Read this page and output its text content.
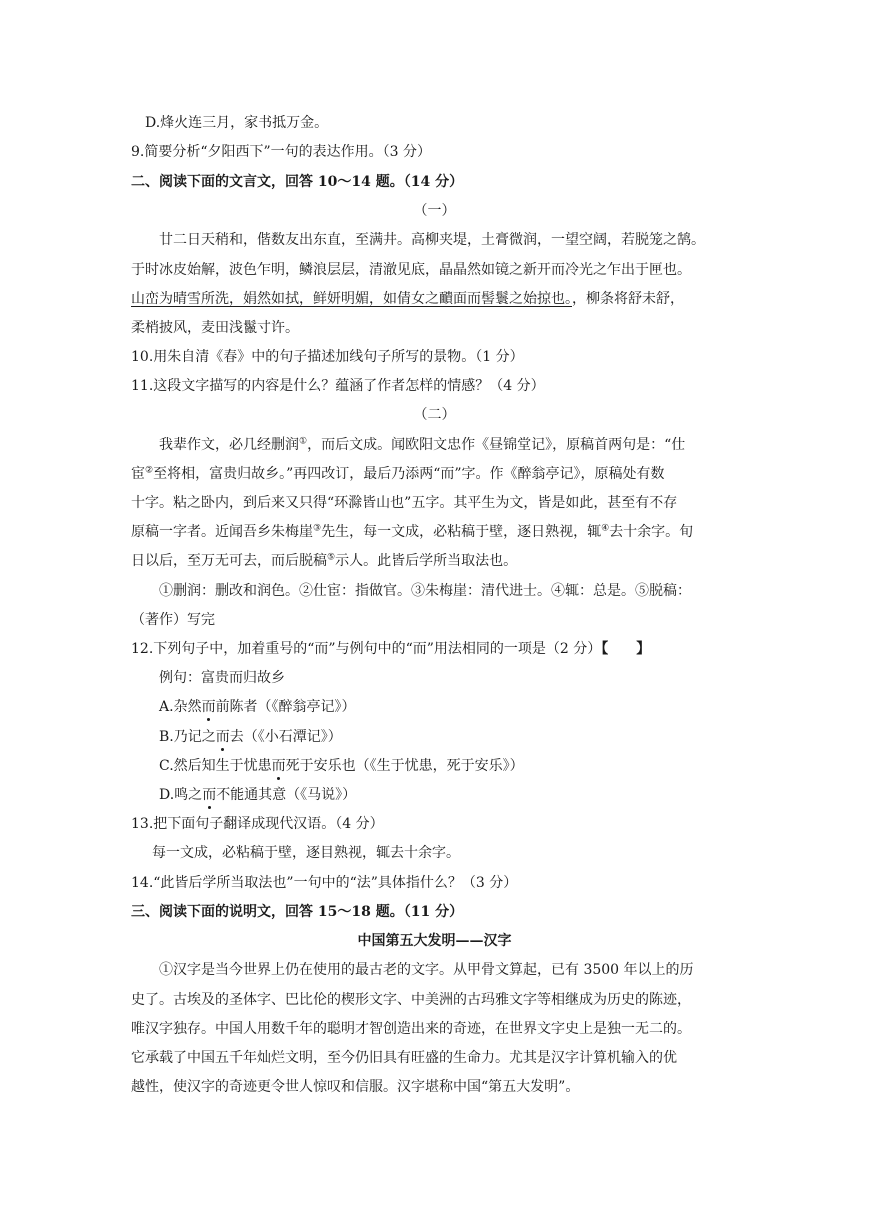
D.烽火连三月，家书抵万金。
9.简要分析“夕阳西下”一句的表达作用。（3 分）
二、阅读下面的文言文，回答 10～14 题。（14 分）
（一）
廿二日天稍和，偕数友出东直，至满井。高柳夹堤，土膏微润，一望空阔，若脱笼之鹄。
于时冰皮始解，波色乍明，鳞浪层层，清澈见底，晶晶然如镜之新开而冷光之乍出于匣也。
山峦为晴雪所洗，娟然如拭，鲜妍明媚，如倩女之靧面而髻鬟之始掠也。，柳条将舒未舒，
柔梢披风，麦田浅鬣寸许。
10.用朱自清《春》中的句子描述加线句子所写的景物。（1 分）
11.这段文字描写的内容是什么？蕴涵了作者怎样的情感？（4 分）
（二）
我辈作文，必几经删润①，而后文成。闻欧阳文忠作《昼锦堂记》，原稿首两句是：“仕
宦②至将相，富贵归故乡。”再四改订，最后乃添两“而”字。作《醉翁亭记》，原稿处有数
十字。粘之卧内，到后来又只得“环滁皆山也”五字。其平生为文，皆是如此，甚至有不存
原稿一字者。近闻吾乡朱梅崖③先生，每一文成，必粘稿于壁，逐日熟视，辄④去十余字。旬
日以后，至万无可去，而后脱稿⑤示人。此皆后学所当取法也。
①删润：删改和润色。②仕宦：指做官。③朱梅崖：清代进士。④辄：总是。⑤脱稿：
（著作）写完
12.下列句子中，加着重号的“而”与例句中的“而”用法相同的一项是（2 分）【　　】
例句：富贵而归故乡
A.杂然而前陈者（《醉翁亭记》）
B.乃记之而去（《小石潭记》）
C.然后知生于忧患而死于安乐也（《生于忧患，死于安乐》）
D.鸣之而不能通其意（《马说》）
13.把下面句子翻译成现代汉语。（4 分）
每一文成，必粘稿于壁，逐目熟视，辄去十余字。
14.“此皆后学所当取法也”一句中的“法”具体指什么？（3 分）
三、阅读下面的说明文，回答 15～18 题。（11 分）
中国第五大发明——汉字
①汉字是当今世界上仍在使用的最古老的文字。从甲骨文算起，已有 3500 年以上的历
史了。古埃及的圣体字、巴比伦的楔形文字、中美洲的古玛雅文字等相继成为历史的陈迹，
唯汉字独存。中国人用数千年的聪明才智创造出来的奇迹，在世界文字史上是独一无二的。
它承载了中国五千年灿烂文明，至今仍旧具有旺盛的生命力。尤其是汉字计算机输入的优
越性，使汉字的奇迹更令世人惊叹和信服。汉字堪称中国“第五大发明”。
